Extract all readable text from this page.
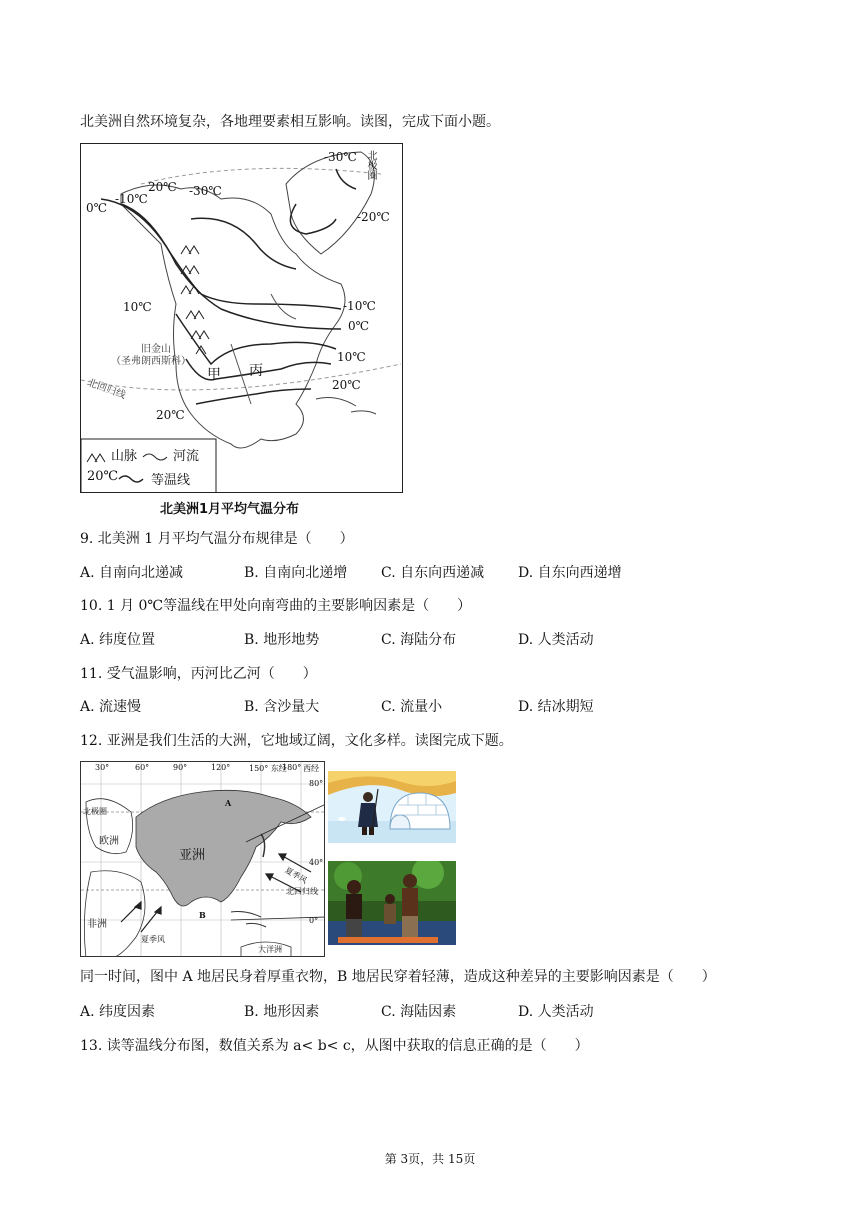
北美洲自然环境复杂，各地理要素相互影响。读图，完成下面小题。
-30℃ 北极圈
20℃ -30℃
-10℃
0℃
-20℃
10℃	-10℃
0℃
10℃
20℃
20℃
旧金山
（圣弗朗西斯科）
甲 丙
北回归线
山脉	河流
20℃	等温线
北美洲1月平均气温分布
9. 北美洲 1 月平均气温分布规律是（　　）
A. 自南向北递减	B. 自南向北递增 C. 自东向西递减 D. 自东向西递增
10. 1 月 0℃等温线在甲处向南弯曲的主要影响因素是（　　）
A. 纬度位置	B. 地形地势	C. 海陆分布	D. 人类活动
11. 受气温影响，丙河比乙河（　　）
A. 流速慢	B. 含沙量大	C. 流量小	D. 结冰期短
12. 亚洲是我们生活的大洲，它地域辽阔，文化多样。读图完成下题。
30°	60°	90°	120° 150° 东经
180° 西经
80°
40°
0°
北极圈
欧洲
亚洲
非洲
A
B
夏季风
夏季风
北回归线
大洋洲
同一时间，图中 A 地居民身着厚重衣物，B 地居民穿着轻薄，造成这种差异的主要影响因素是（　　）
A. 纬度因素	B. 地形因素	C. 海陆因素	D. 人类活动
13. 读等温线分布图，数值关系为 a< b< c，从图中获取的信息正确的是（　　）
第 3页，共 15页
